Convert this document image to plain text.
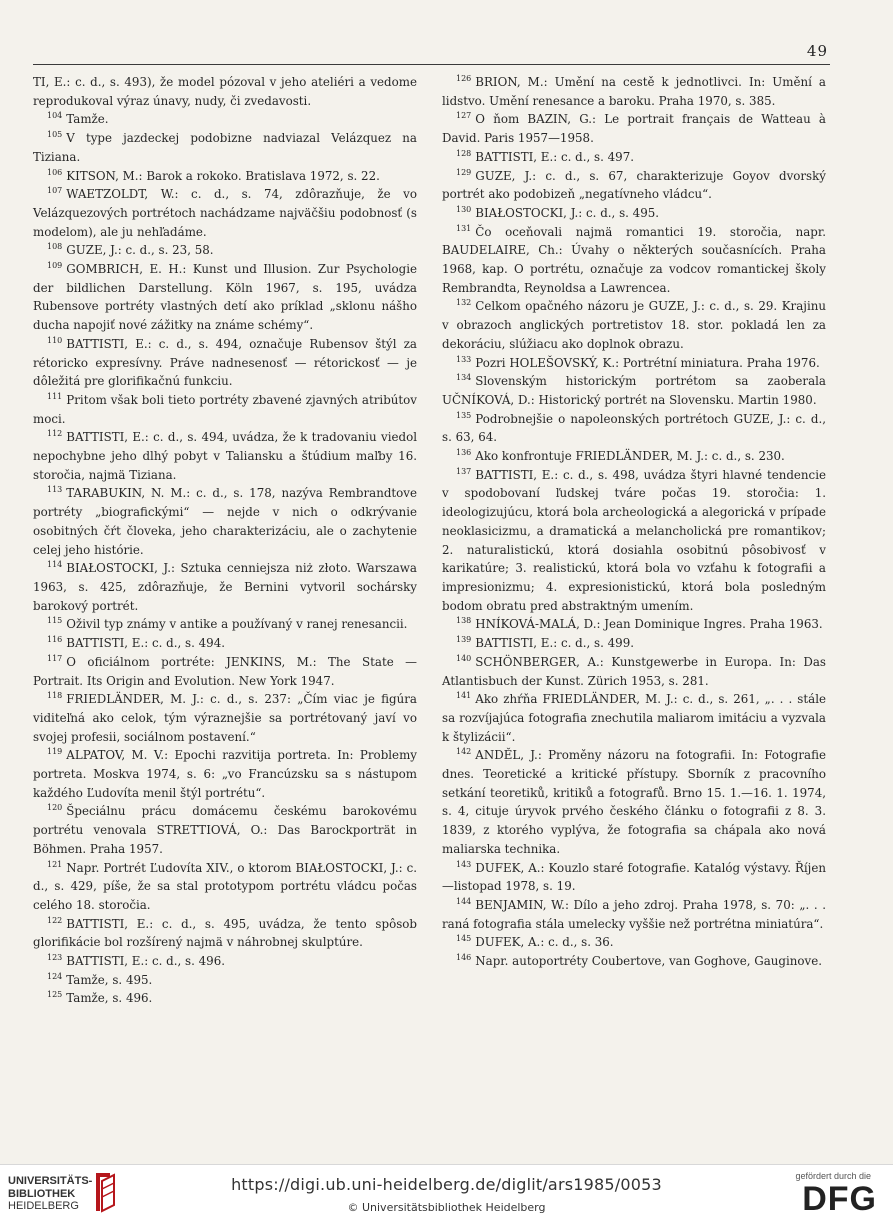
49

TI, E.: c. d., s. 493), že model pózoval v jeho ateliéri a vedome reprodukoval výraz únavy, nudy, či zvedavosti.

$^{104}$ Tamže.

$^{105}$ V type jazdeckej podobizne nadviazal Velázquez na Tiziana.

$^{106}$ KITSON, M.: Barok a rokoko. Bratislava 1972, s. 22.

$^{107}$ WAETZOLDT, W.: c. d., s. 74, zdôrazňuje, že vo Velázquezových portrétoch nachádzame najväčšiu podobnosť (s modelom), ale ju nehľadáme.

$^{108}$ GUZE, J.: c. d., s. 23, 58.

$^{109}$ GOMBRICH, E. H.: Kunst und Illusion. Zur Psychologie der bildlichen Darstellung. Köln 1967, s. 195, uvádza Rubensove portréty vlastných detí ako príklad „sklonu nášho ducha napojiť nové zážitky na známe schémy“.

$^{110}$ BATTISTI, E.: c. d., s. 494, označuje Rubensov štýl za rétoricko expresívny. Práve nadnesenosť — rétorickosť — je dôležitá pre glorifikačnú funkciu.

$^{111}$ Pritom však boli tieto portréty zbavené zjavných atribútov moci.

$^{112}$ BATTISTI, E.: c. d., s. 494, uvádza, že k tradovaniu viedol nepochybne jeho dlhý pobyt v Taliansku a štúdium maľby 16. storočia, najmä Tiziana.

$^{113}$ TARABUKIN, N. M.: c. d., s. 178, nazýva Rembrandtove portréty „biografickými“ — nejde v nich o odkrývanie osobitných čŕt človeka, jeho charakterizáciu, ale o zachytenie celej jeho histórie.

$^{114}$ BIAŁOSTOCKI, J.: Sztuka cenniejsza niż złoto. Warszawa 1963, s. 425, zdôrazňuje, že Bernini vytvoril sochársky barokový portrét.

$^{115}$ Oživil typ známy v antike a používaný v ranej renesancii.

$^{116}$ BATTISTI, E.: c. d., s. 494.

$^{117}$ O oficiálnom portréte: JENKINS, M.: The State — Portrait. Its Origin and Evolution. New York 1947.

$^{118}$ FRIEDLÄNDER, M. J.: c. d., s. 237: „Čím viac je figúra viditeľná ako celok, tým výraznejšie sa portrétovaný javí vo svojej profesii, sociálnom postavení.“

$^{119}$ ALPATOV, M. V.: Epochi razvitija portreta. In: Problemy portreta. Moskva 1974, s. 6: „vo Francúzsku sa s nástupom každého Ľudovíta menil štýl portrétu“.

$^{120}$ Špeciálnu prácu domácemu českému barokovému portrétu venovala STRETTIOVÁ, O.: Das Barockporträt in Böhmen. Praha 1957.

$^{121}$ Napr. Portrét Ľudovíta XIV., o ktorom BIAŁOSTOCKI, J.: c. d., s. 429, píše, že sa stal prototypom portrétu vládcu počas celého 18. storočia.

$^{122}$ BATTISTI, E.: c. d., s. 495, uvádza, že tento spôsob glorifikácie bol rozšírený najmä v náhrobnej skulptúre.

$^{123}$ BATTISTI, E.: c. d., s. 496.

$^{124}$ Tamže, s. 495.

$^{125}$ Tamže, s. 496.

$^{126}$ BRION, M.: Umění na cestě k jednotlivci. In: Umění a lidstvo. Umění renesance a baroku. Praha 1970, s. 385.

$^{127}$ O ňom BAZIN, G.: Le portrait français de Watteau à David. Paris 1957—1958.

$^{128}$ BATTISTI, E.: c. d., s. 497.

$^{129}$ GUZE, J.: c. d., s. 67, charakterizuje Goyov dvorský portrét ako podobizeň „negatívneho vládcu“.

$^{130}$ BIAŁOSTOCKI, J.: c. d., s. 495.

$^{131}$ Čo oceňovali najmä romantici 19. storočia, napr. BAUDELAIRE, Ch.: Úvahy o některých současnících. Praha 1968, kap. O portrétu, označuje za vodcov romantickej školy Rembrandta, Reynoldsa a Lawrencea.

$^{132}$ Celkom opačného názoru je GUZE, J.: c. d., s. 29. Krajinu v obrazoch anglických portretistov 18. stor. pokladá len za dekoráciu, slúžiacu ako doplnok obrazu.

$^{133}$ Pozri HOLEŠOVSKÝ, K.: Portrétní miniatura. Praha 1976.

$^{134}$ Slovenským historickým portrétom sa zaoberala UČNÍKOVÁ, D.: Historický portrét na Slovensku. Martin 1980.

$^{135}$ Podrobnejšie o napoleonských portrétoch GUZE, J.: c. d., s. 63, 64.

$^{136}$ Ako konfrontuje FRIEDLÄNDER, M. J.: c. d., s. 230.

$^{137}$ BATTISTI, E.: c. d., s. 498, uvádza štyri hlavné tendencie v spodobovaní ľudskej tváre počas 19. storočia: 1. ideologizujúcu, ktorá bola archeologická a alegorická v prípade neoklasicizmu, a dramatická a melancholická pre romantikov; 2. naturalistickú, ktorá dosiahla osobitnú pôsobivosť v karikatúre; 3. realistickú, ktorá bola vo vzťahu k fotografii a impresionizmu; 4. expresionistickú, ktorá bola posledným bodom obratu pred abstraktným umením.

$^{138}$ HNÍKOVÁ-MALÁ, D.: Jean Dominique Ingres. Praha 1963.

$^{139}$ BATTISTI, E.: c. d., s. 499.

$^{140}$ SCHÖNBERGER, A.: Kunstgewerbe in Europa. In: Das Atlantisbuch der Kunst. Zürich 1953, s. 281.

$^{141}$ Ako zhŕňa FRIEDLÄNDER, M. J.: c. d., s. 261, „. . . stále sa rozvíjajúca fotografia znechutila maliarom imitáciu a vyzvala k štylizácii“.

$^{142}$ ANDĚL, J.: Proměny názoru na fotografii. In: Fotografie dnes. Teoretické a kritické přístupy. Sborník z pracovního setkání teoretiků, kritiků a fotografů. Brno 15. 1.—16. 1. 1974, s. 4, cituje úryvok prvého českého článku o fotografii z 8. 3. 1839, z ktorého vyplýva, že fotografia sa chápala ako nová maliarska technika.

$^{143}$ DUFEK, A.: Kouzlo staré fotografie. Katalóg výstavy. Říjen—listopad 1978, s. 19.

$^{144}$ BENJAMIN, W.: Dílo a jeho zdroj. Praha 1978, s. 70: „. . . raná fotografia stála umelecky vyššie než portrétna miniatúra“.

$^{145}$ DUFEK, A.: c. d., s. 36.

$^{146}$ Napr. autoportréty Coubertove, van Goghove, Gauginove.

UNIVERSITÄTS-
BIBLIOTHEK
HEIDELBERG
https://digi.ub.uni-heidelberg.de/diglit/ars1985/0053
© Universitätsbibliothek Heidelberg
gefördert durch die
DFG
